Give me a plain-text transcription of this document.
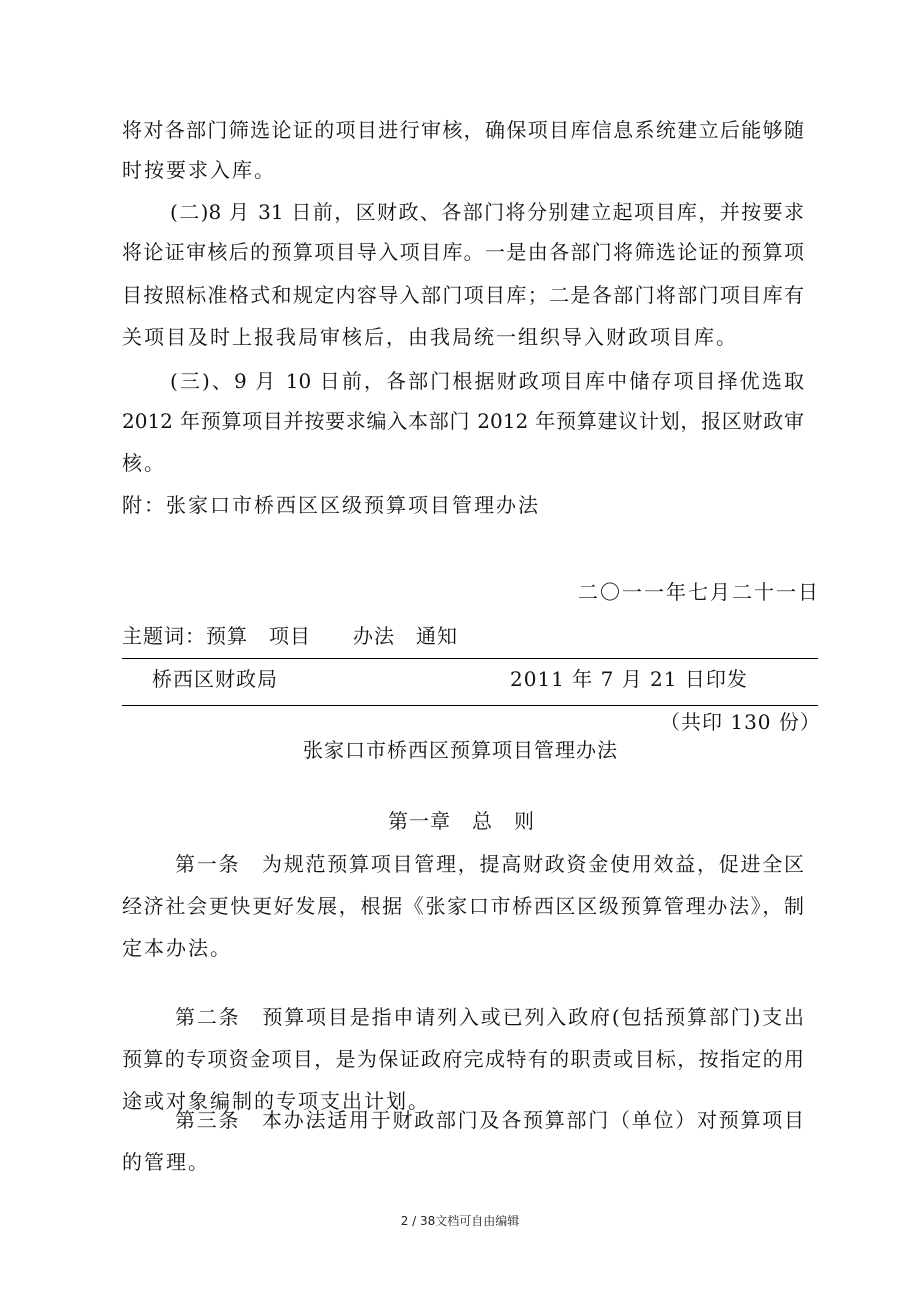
将对各部门筛选论证的项目进行审核，确保项目库信息系统建立后能够随
时按要求入库。
(二)8 月 31 日前，区财政、各部门将分别建立起项目库，并按要求
将论证审核后的预算项目导入项目库。一是由各部门将筛选论证的预算项
目按照标准格式和规定内容导入部门项目库；二是各部门将部门项目库有
关项目及时上报我局审核后，由我局统一组织导入财政项目库。
(三)、9 月 10 日前，各部门根据财政项目库中储存项目择优选取
2012 年预算项目并按要求编入本部门 2012 年预算建议计划，报区财政审
核。
附：张家口市桥西区区级预算项目管理办法
二〇一一年七月二十一日
主题词：预算　项目　　办法　通知
桥西区财政局	2011 年 7 月 21 日印发
（共印 130 份）
张家口市桥西区预算项目管理办法
第一章　总　则
第一条　为规范预算项目管理，提高财政资金使用效益，促进全区
经济社会更快更好发展，根据《张家口市桥西区区级预算管理办法》，制
定本办法。
第二条　预算项目是指申请列入或已列入政府(包括预算部门)支出
预算的专项资金项目，是为保证政府完成特有的职责或目标，按指定的用
途或对象编制的专项支出计划。
第三条　本办法适用于财政部门及各预算部门（单位）对预算项目
的管理。
2 / 38文档可自由编辑
